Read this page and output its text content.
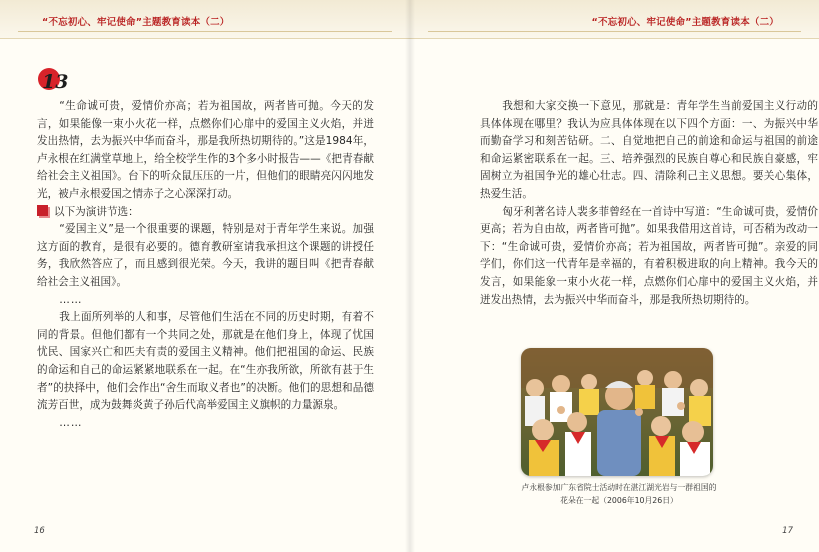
“不忘初心、牢记使命”主题教育读本（二）
13

“生命诚可贵，爱情价亦高；若为祖国故，两者皆可抛。今天的发言，如果能像一束小火花一样，点燃你们心扉中的爱国主义火焰，并迸发出热情，去为振兴中华而奋斗，那是我所热切期待的。”这是1984年，卢永根在红满堂草地上，给全校学生作的3个多小时报告——《把青春献给社会主义祖国》。台下的听众鼠压压的一片，但他们的眼睛亮闪闪地发光，被卢永根爱国之情赤子之心深深打动。

以下为演讲节选：

“爱国主义”是一个很重要的课题，特别是对于青年学生来说。加强这方面的教育，是很有必要的。德育教研室请我承担这个课题的讲授任务，我欣然答应了，而且感到很光荣。今天，我讲的题目叫《把青春献给社会主义祖国》。

……

我上面所列举的人和事，尽管他们生活在不同的历史时期，有着不同的背景。但他们都有一个共同之处，那就是在他们身上，体现了忧国忧民、国家兴亡和匹夫有责的爱国主义精神。他们把祖国的命运、民族的命运和自己的命运紧紧地联系在一起。在“生亦我所欲，所欲有甚于生者”的抉择中，他们会作出“舍生而取义者也”的决断。他们的思想和品德流芳百世，成为鼓舞炎黄子孙后代高举爱国主义旗帜的力量源泉。

……

16
“不忘初心、牢记使命”主题教育读本（二）

我想和大家交换一下意见，那就是：青年学生当前爱国主义行动的具体体现在哪里？我认为应具体体现在以下四个方面：一、为振兴中华而勤奋学习和刻苦钻研。二、自觉地把自己的前途和命运与祖国的前途和命运紧密联系在一起。三、培养强烈的民族自尊心和民族自豪感，牢固树立为祖国争光的雄心壮志。四、清除利己主义思想。要关心集体，热爱生活。

匈牙利著名诗人裴多菲曾经在一首诗中写道：“生命诚可贵，爱情价更高；若为自由故，两者皆可抛”。如果我借用这首诗，可否稍为改动一下：“生命诚可贵，爱情价亦高；若为祖国故，两者皆可抛”。亲爱的同学们，你们这一代青年是幸福的，有着积极进取的向上精神。我今天的发言，如果能象一束小火花一样，点燃你们心扉中的爱国主义火焰，并迸发出热情，去为振兴中华而奋斗，那是我所热切期待的。

卢永根参加广东省院士活动时在湛江湖光岩与一群祖国的
花朵在一起（2006年10月26日）
17
